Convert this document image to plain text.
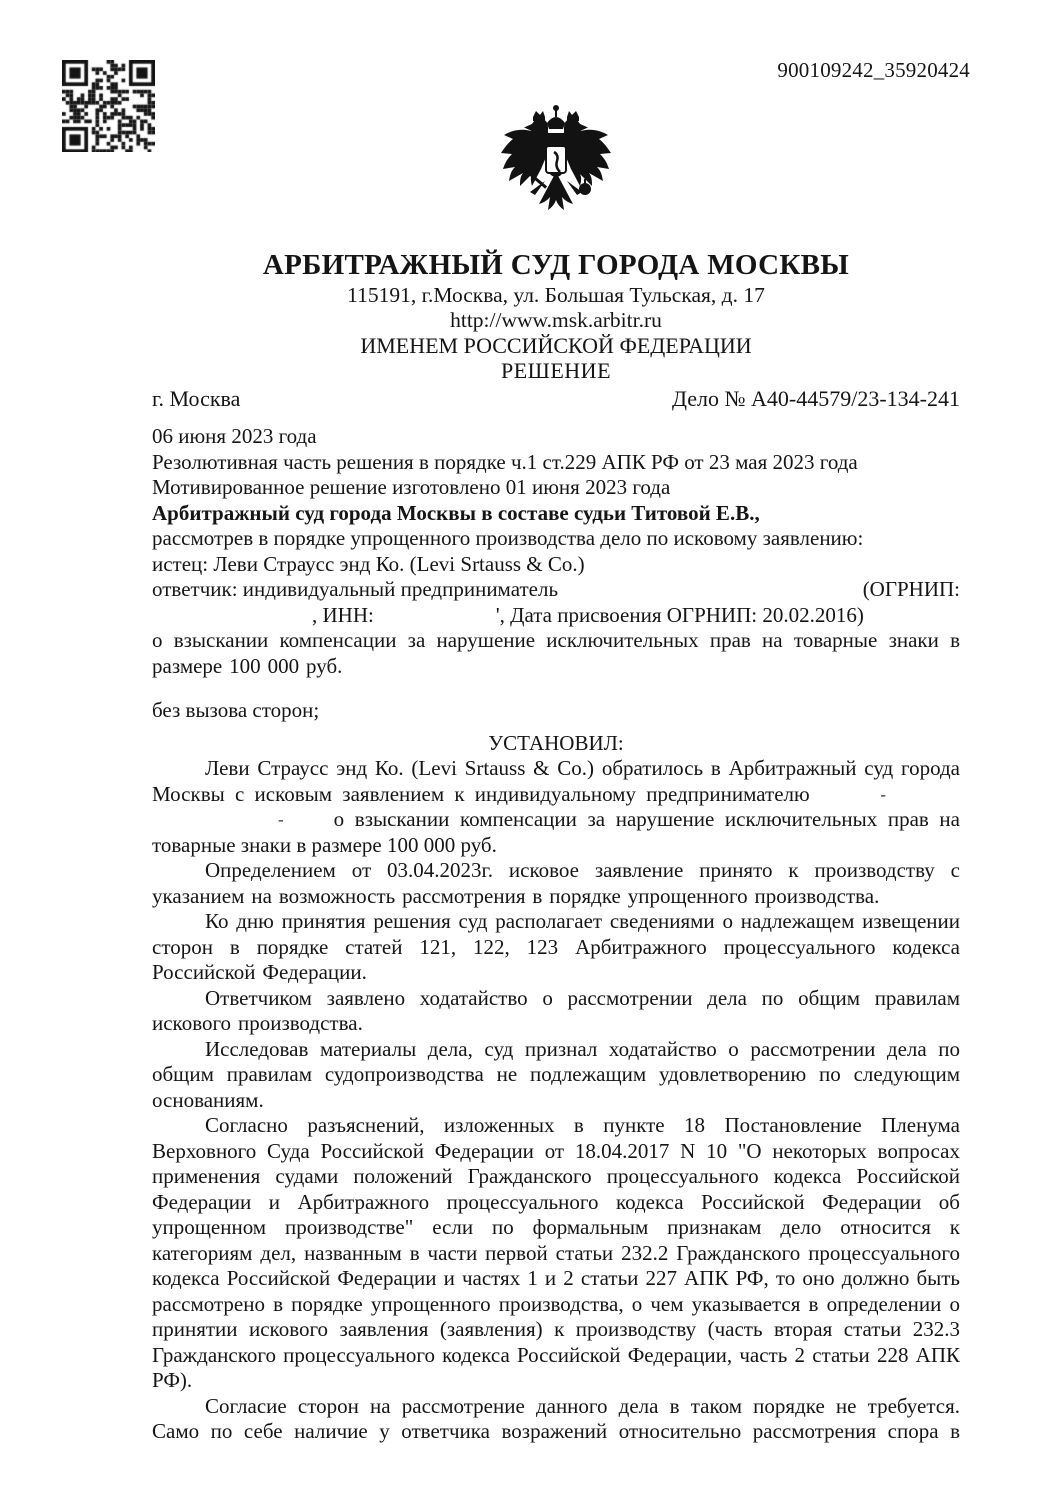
900109242_35920424
АРБИТРАЖНЫЙ СУД ГОРОДА МОСКВЫ
115191, г.Москва, ул. Большая Тульская, д. 17
http://www.msk.arbitr.ru
ИМЕНЕМ РОССИЙСКОЙ ФЕДЕРАЦИИ
РЕШЕНИЕ
г. Москва	Дело № А40-44579/23-134-241
06 июня 2023 года
Резолютивная часть решения в порядке ч.1 ст.229 АПК РФ от 23 мая 2023 года
Мотивированное решение изготовлено 01 июня 2023 года
Арбитражный суд города Москвы в составе судьи Титовой Е.В.,
рассмотрев в порядке упрощенного производства дело по исковому заявлению:
истец: Леви Страусс энд Ко. (Levi Srtauss & Co.)
ответчик: индивидуальный предприниматель	(ОГРНИП:
, ИНН:	', Дата присвоения ОГРНИП: 20.02.2016)
о взыскании компенсации за нарушение исключительных прав на товарные знаки в размере 100 000 руб.
без вызова сторон;
УСТАНОВИЛ:
Леви Страусс энд Ко. (Levi Srtauss & Co.) обратилось в Арбитражный суд города
Москвы с исковым заявлением к индивидуальному предпринимателю	-
- о взыскании компенсации за нарушение исключительных прав на
товарные знаки в размере 100 000 руб.
Определением от 03.04.2023г. исковое заявление принято к производству с указанием на возможность рассмотрения в порядке упрощенного производства.
Ко дню принятия решения суд располагает сведениями о надлежащем извещении сторон в порядке статей 121, 122, 123 Арбитражного процессуального кодекса Российской Федерации.
Ответчиком заявлено ходатайство о рассмотрении дела по общим правилам искового производства.
Исследовав материалы дела, суд признал ходатайство о рассмотрении дела по общим правилам судопроизводства не подлежащим удовлетворению по следующим основаниям.
Согласно разъяснений, изложенных в пункте 18 Постановление Пленума Верховного Суда Российской Федерации от 18.04.2017 N 10 "О некоторых вопросах применения судами положений Гражданского процессуального кодекса Российской Федерации и Арбитражного процессуального кодекса Российской Федерации об упрощенном производстве" если по формальным признакам дело относится к категориям дел, названным в части первой статьи 232.2 Гражданского процессуального кодекса Российской Федерации и частях 1 и 2 статьи 227 АПК РФ, то оно должно быть рассмотрено в порядке упрощенного производства, о чем указывается в определении о принятии искового заявления (заявления) к производству (часть вторая статьи 232.3 Гражданского процессуального кодекса Российской Федерации, часть 2 статьи 228 АПК РФ).
Согласие сторон на рассмотрение данного дела в таком порядке не требуется. Само по себе наличие у ответчика возражений относительно рассмотрения спора в
